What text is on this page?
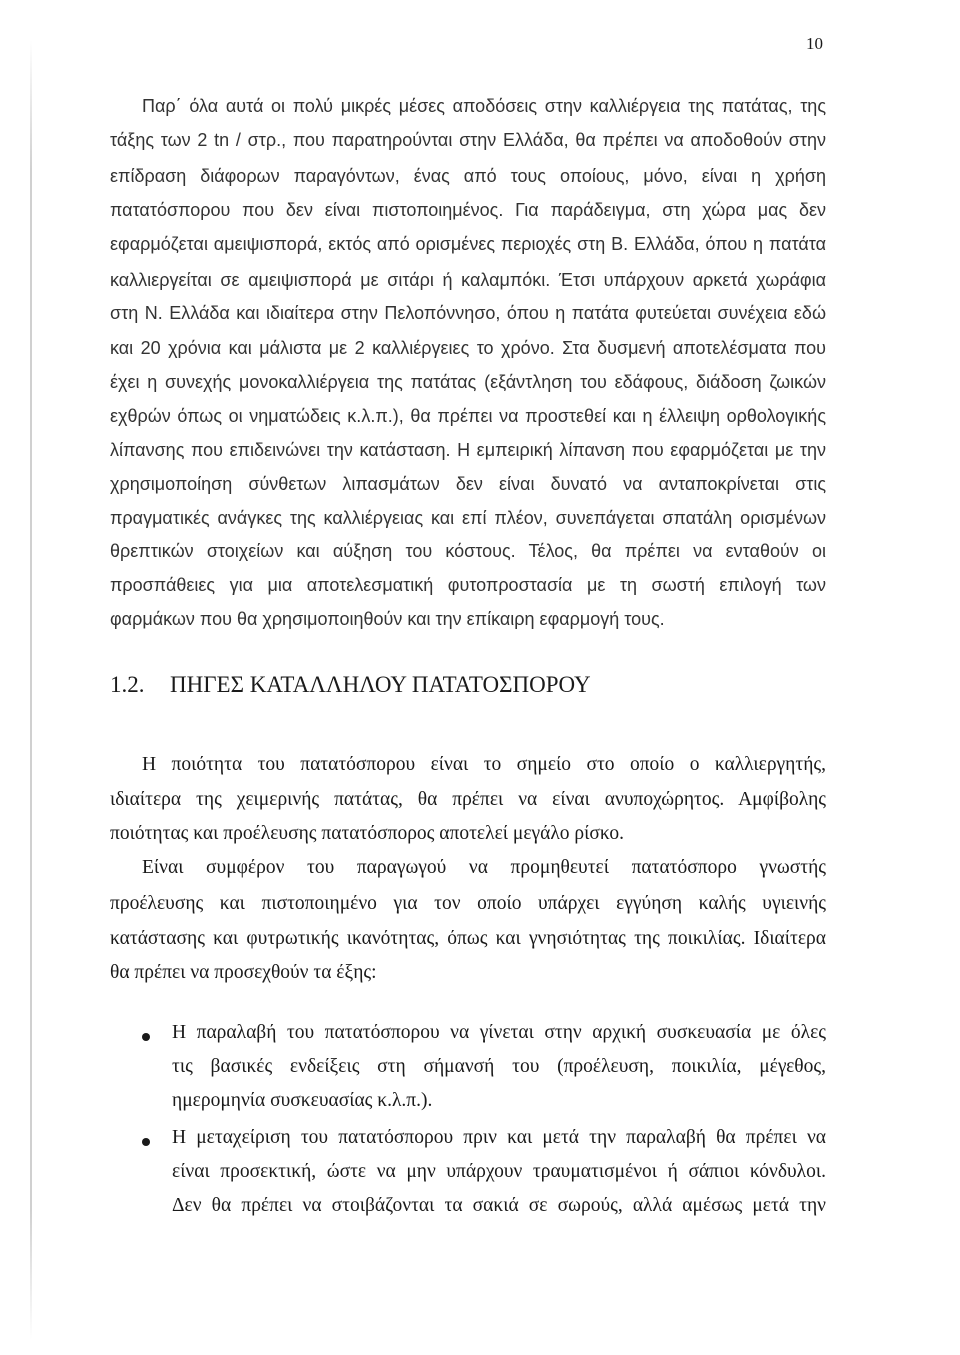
10
Παρ΄ όλα αυτά οι πολύ μικρές μέσες αποδόσεις στην καλλιέργεια της πατάτας, της
τάξης των 2 tn / στρ., που παρατηρούνται στην Ελλάδα, θα πρέπει να αποδοθούν στην
επίδραση διάφορων παραγόντων, ένας από τους οποίους, μόνο, είναι η χρήση
πατατόσπορου που δεν είναι πιστοποιημένος. Για παράδειγμα, στη χώρα μας δεν
εφαρμόζεται αμειψισπορά, εκτός από ορισμένες περιοχές στη Β. Ελλάδα, όπου η πατάτα
καλλιεργείται σε αμειψισπορά με σιτάρι ή καλαμπόκι. Έτσι υπάρχουν αρκετά χωράφια
στη Ν. Ελλάδα και ιδιαίτερα στην Πελοπόννησο, όπου η πατάτα φυτεύεται συνέχεια εδώ
και 20 χρόνια και μάλιστα με 2 καλλιέργειες το χρόνο. Στα δυσμενή αποτελέσματα που
έχει η συνεχής μονοκαλλιέργεια της πατάτας (εξάντληση του εδάφους, διάδοση ζωικών
εχθρών όπως οι νηματώδεις κ.λ.π.), θα πρέπει να προστεθεί και η έλλειψη ορθολογικής
λίπανσης που επιδεινώνει την κατάσταση. Η εμπειρική λίπανση που εφαρμόζεται με την
χρησιμοποίηση σύνθετων λιπασμάτων δεν είναι δυνατό να ανταποκρίνεται στις
πραγματικές ανάγκες της καλλιέργειας και επί πλέον, συνεπάγεται σπατάλη ορισμένων
θρεπτικών στοιχείων και αύξηση του κόστους. Τέλος, θα πρέπει να ενταθούν οι
προσπάθειες για μια αποτελεσματική φυτοπροστασία με τη σωστή επιλογή των
φαρμάκων που θα χρησιμοποιηθούν και την επίκαιρη εφαρμογή τους.
1.2. ΠΗΓΕΣ ΚΑΤΑΛΛΗΛΟΥ ΠΑΤΑΤΟΣΠΟΡΟΥ
Η ποιότητα του πατατόσπορου είναι το σημείο στο οποίο ο καλλιεργητής,
ιδιαίτερα της χειμερινής πατάτας, θα πρέπει να είναι ανυποχώρητος. Αμφίβολης
ποιότητας και προέλευσης πατατόσπορος αποτελεί μεγάλο ρίσκο.
Είναι συμφέρον του παραγωγού να προμηθευτεί πατατόσπορο γνωστής
προέλευσης και πιστοποιημένο για τον οποίο υπάρχει εγγύηση καλής υγιεινής
κατάστασης και φυτρωτικής ικανότητας, όπως και γνησιότητας της ποικιλίας. Ιδιαίτερα
θα πρέπει να προσεχθούν τα έξης:
Η παραλαβή του πατατόσπορου να γίνεται στην αρχική συσκευασία με όλες
τις βασικές ενδείξεις στη σήμανσή του (προέλευση, ποικιλία, μέγεθος,
ημερομηνία συσκευασίας κ.λ.π.).
Η μεταχείριση του πατατόσπορου πριν και μετά την παραλαβή θα πρέπει να
είναι προσεκτική, ώστε να μην υπάρχουν τραυματισμένοι ή σάπιοι κόνδυλοι.
Δεν θα πρέπει να στοιβάζονται τα σακιά σε σωρούς, αλλά αμέσως μετά την
